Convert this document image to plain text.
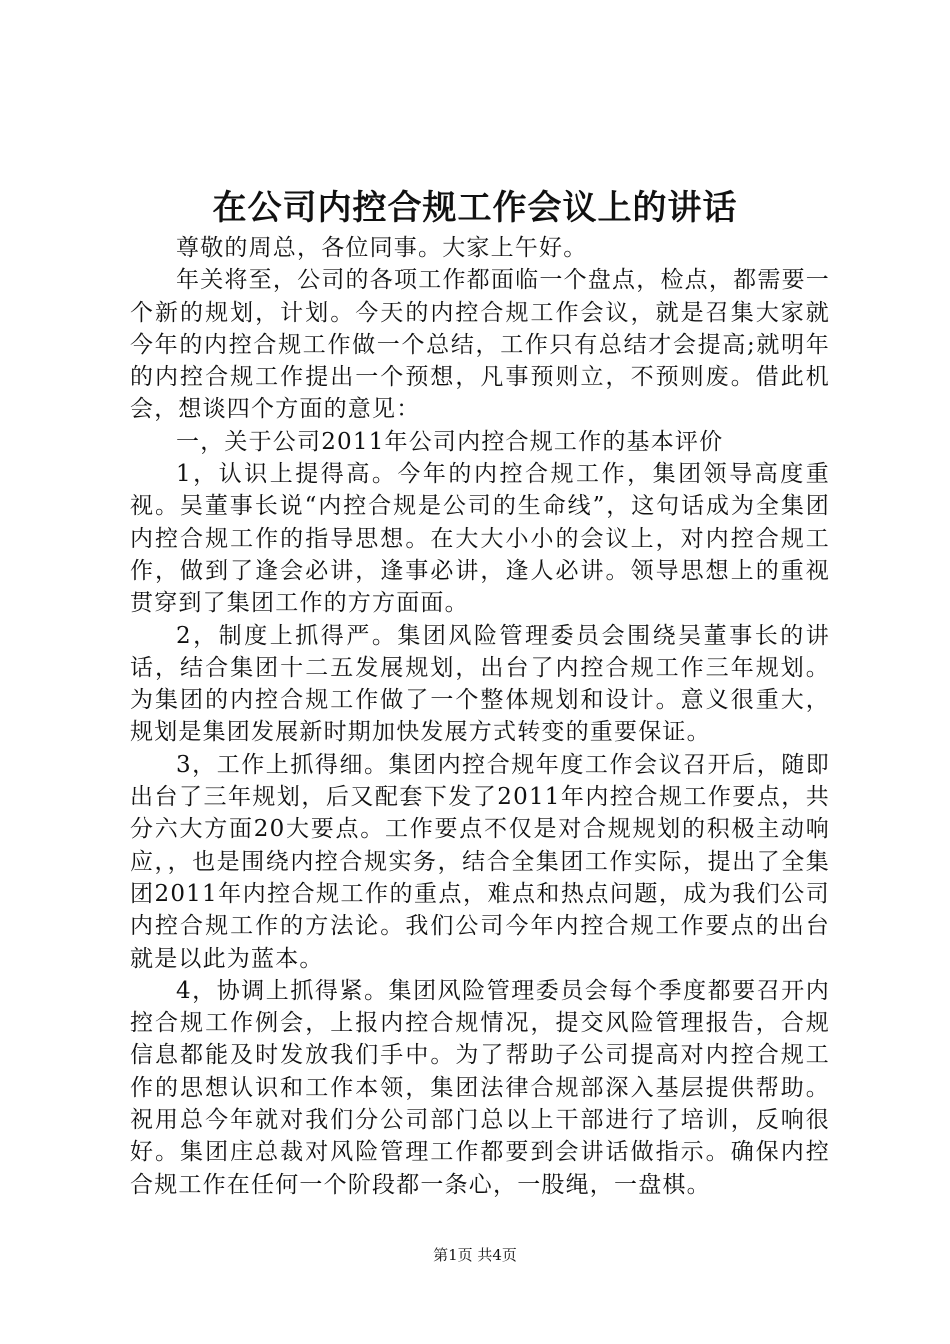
在公司内控合规工作会议上的讲话

尊敬的周总，各位同事。大家上午好。

年关将至，公司的各项工作都面临一个盘点，检点，都需要一个新的规划，计划。今天的内控合规工作会议，就是召集大家就今年的内控合规工作做一个总结，工作只有总结才会提高;就明年的内控合规工作提出一个预想，凡事预则立，不预则废。借此机会，想谈四个方面的意见：

一，关于公司2011年公司内控合规工作的基本评价

1，认识上提得高。今年的内控合规工作，集团领导高度重视。吴董事长说“内控合规是公司的生命线”，这句话成为全集团内控合规工作的指导思想。在大大小小的会议上，对内控合规工作，做到了逢会必讲，逢事必讲，逢人必讲。领导思想上的重视贯穿到了集团工作的方方面面。

2，制度上抓得严。集团风险管理委员会围绕吴董事长的讲话，结合集团十二五发展规划，出台了内控合规工作三年规划。为集团的内控合规工作做了一个整体规划和设计。意义很重大，规划是集团发展新时期加快发展方式转变的重要保证。

3，工作上抓得细。集团内控合规年度工作会议召开后，随即出台了三年规划，后又配套下发了2011年内控合规工作要点，共分六大方面20大要点。工作要点不仅是对合规规划的积极主动响应，，也是围绕内控合规实务，结合全集团工作实际，提出了全集团2011年内控合规工作的重点，难点和热点问题，成为我们公司内控合规工作的方法论。我们公司今年内控合规工作要点的出台就是以此为蓝本。

4，协调上抓得紧。集团风险管理委员会每个季度都要召开内控合规工作例会，上报内控合规情况，提交风险管理报告，合规信息都能及时发放我们手中。为了帮助子公司提高对内控合规工作的思想认识和工作本领，集团法律合规部深入基层提供帮助。祝用总今年就对我们分公司部门总以上干部进行了培训，反响很好。集团庄总裁对风险管理工作都要到会讲话做指示。确保内控合规工作在任何一个阶段都一条心，一股绳，一盘棋。

第1页 共4页
